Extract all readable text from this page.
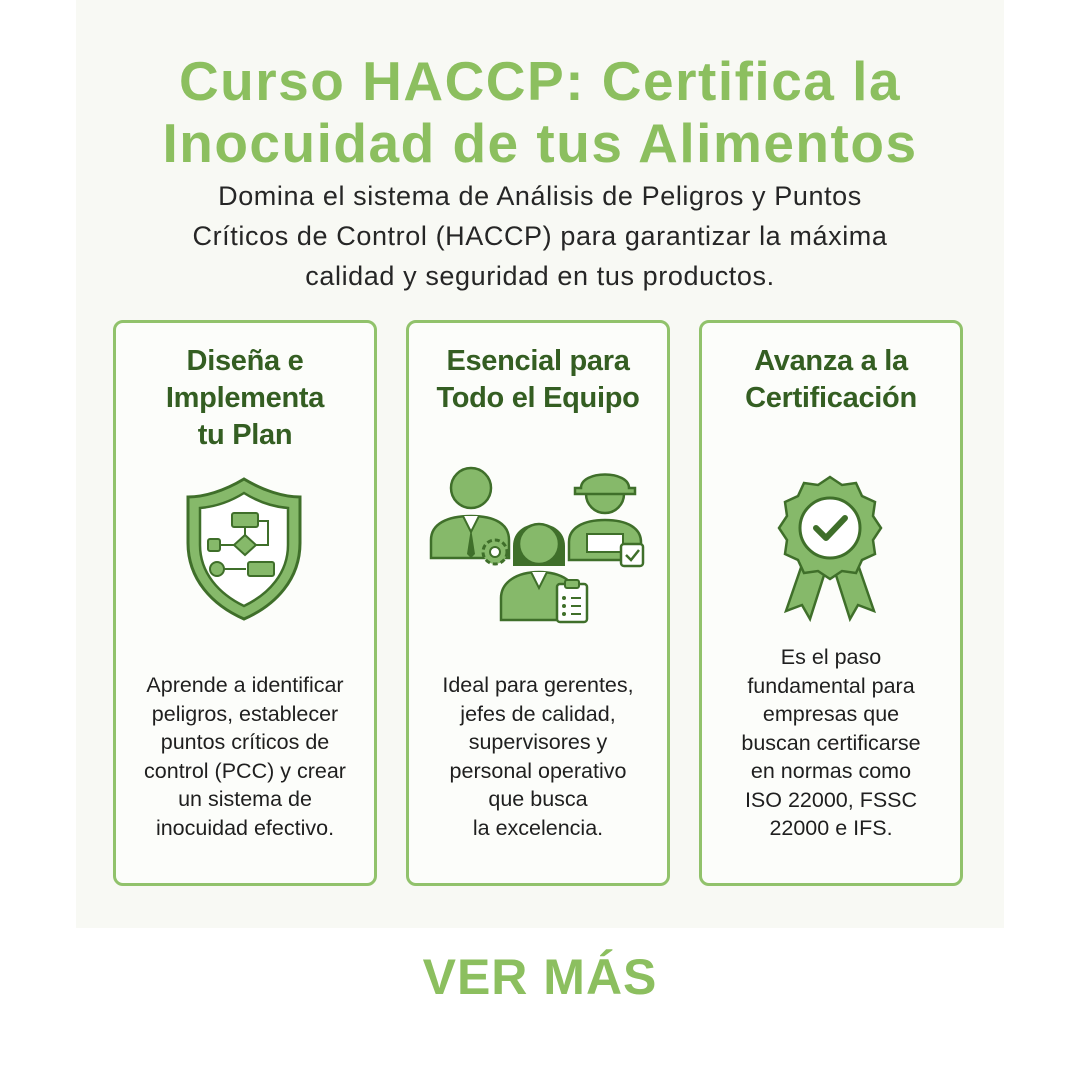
Curso HACCP: Certifica la
Inocuidad de tus Alimentos
Domina el sistema de Análisis de Peligros y Puntos
Críticos de Control (HACCP) para garantizar la máxima
calidad y seguridad en tus productos.
Diseña e
Implementa
tu Plan
Aprende a identificar
peligros, establecer
puntos críticos de
control (PCC) y crear
un sistema de
inocuidad efectivo.
Esencial para
Todo el Equipo
Ideal para gerentes,
jefes de calidad,
supervisores y
personal operativo
que busca
la excelencia.
Avanza a la
Certificación
Es el paso
fundamental para
empresas que
buscan certificarse
en normas como
ISO 22000, FSSC
22000 e IFS.
VER MÁS
